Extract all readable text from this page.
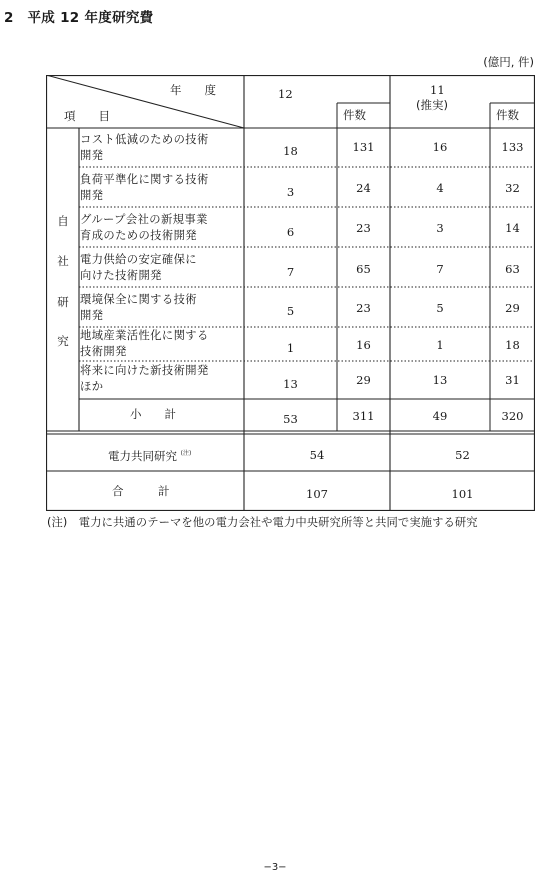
2　平成 12 年度研究費
(億円, 件)
年　　度
項　　目
12	11
(推実)
件数	件数
自
社
研
究
コスト低減のための技術
開発	18	131	16	133
負荷平準化に関する技術
開発	3	24	4	32
グループ会社の新規事業
育成のための技術開発	6	23	3	14
電力供給の安定確保に
向けた技術開発	7	65	7	63
環境保全に関する技術
開発	5	23	5	29
地域産業活性化に関する
技術開発	1	16	1	18
将来に向けた新技術開発
ほか	13	29	13	31
小　　計	53	311	49	320
電力共同研究 $^{(注)}$	54	52
合　　　計	107	101
(注)　電力に共通のテーマを他の電力会社や電力中央研究所等と共同で実施する研究
−3−
